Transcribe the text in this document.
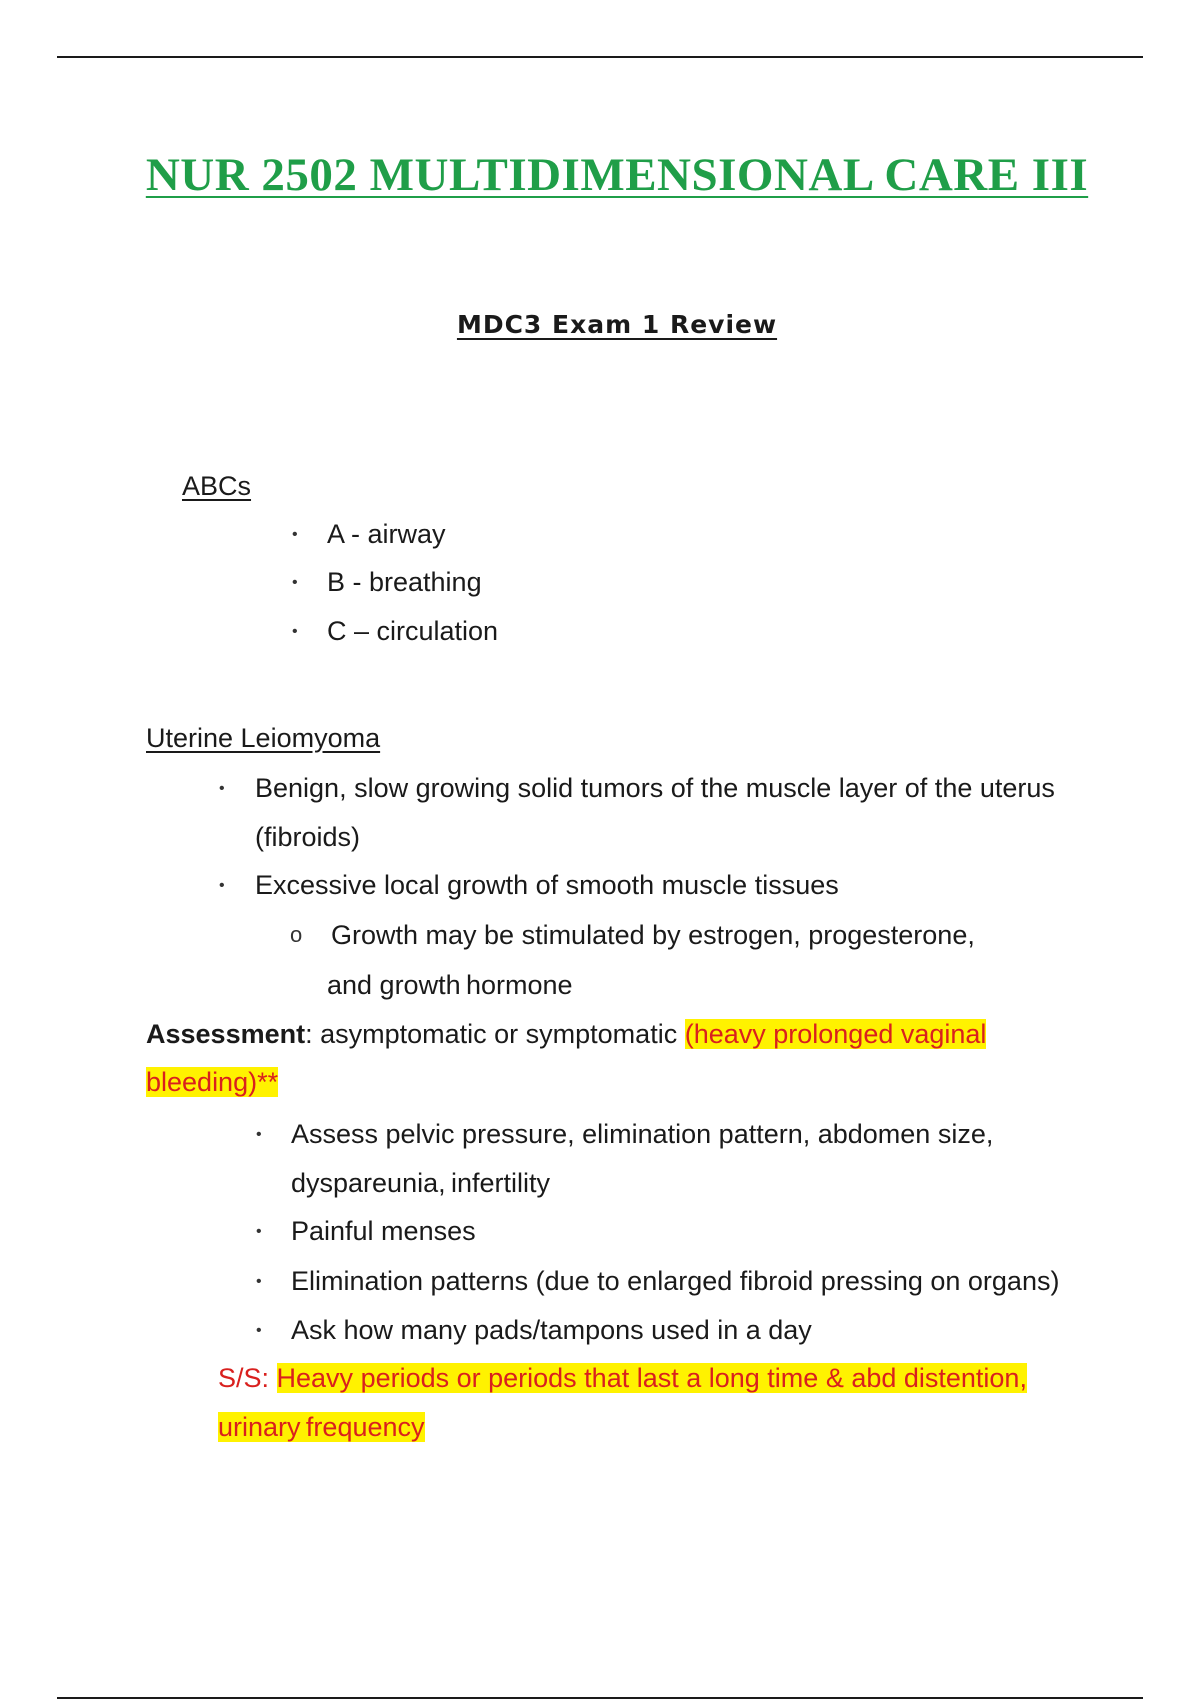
NUR 2502 MULTIDIMENSIONAL CARE III
MDC3 Exam 1 Review
ABCs
• A - airway
• B - breathing
• C – circulation
Uterine Leiomyoma
• Benign, slow growing solid tumors of the muscle layer of the uterus
(fibroids)
• Excessive local growth of smooth muscle tissues
o Growth may be stimulated by estrogen, progesterone,
and growth hormone
Assessment: asymptomatic or symptomatic (heavy prolonged vaginal
bleeding)**
• Assess pelvic pressure, elimination pattern, abdomen size,
dyspareunia, infertility
• Painful menses
• Elimination patterns (due to enlarged fibroid pressing on organs)
• Ask how many pads/tampons used in a day
S/S: Heavy periods or periods that last a long time & abd distention,
urinary frequency
